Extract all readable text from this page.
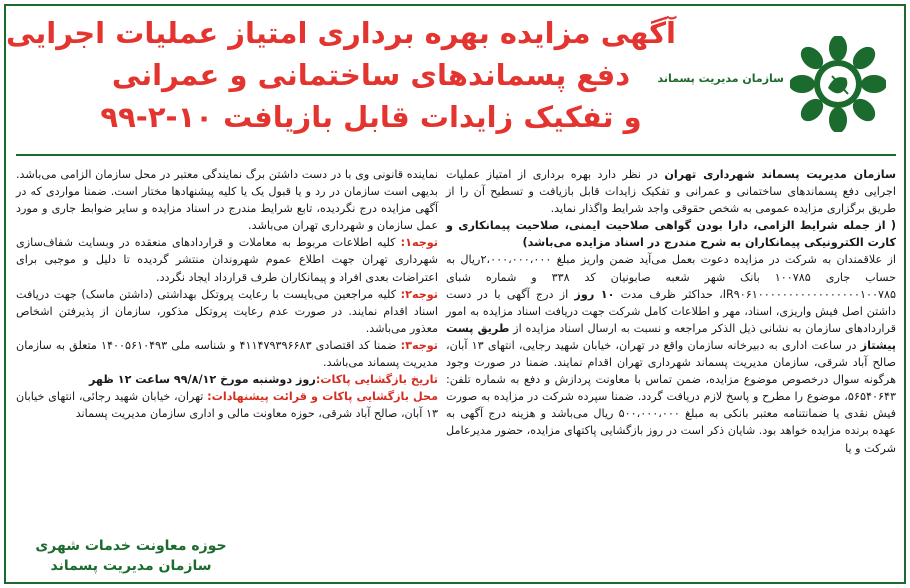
آگهی مزایده بهره برداری امتیاز عملیات اجرایی
دفع پسماندهای ساختمانی و عمرانی
و تفکیک زایدات قابل بازیافت ۱۰-۲-۹۹
سازمان مدیریت پسماند

سازمان مدیریت پسماند شهرداری تهران در نظر دارد بهره برداری از امتیاز عملیات اجرایی دفع پسماندهای ساختمانی و عمرانی و تفکیک زایدات قابل بازیافت و تسطیح آن را از طریق برگزاری مزایده عمومی به شخص حقوقی واجد شرایط واگذار نماید.

( از جمله شرایط الزامی، دارا بودن گواهی صلاحیت ایمنی، صلاحیت پیمانکاری و کارت الکترونیکی پیمانکاران به شرح مندرج در اسناد مزایده می‌باشد)

از علاقمندان به شرکت در مزایده دعوت بعمل می‌آید ضمن واریز مبلغ ۲،۰۰۰،۰۰۰،۰۰۰ریال به حساب جاری ۱۰۰۷۸۵ بانک شهر شعبه صابونیان کد ۳۳۸ و شماره شبای IR۹۰۶۱۰۰۰۰۰۰۰۰۰۰۰۰۰۰۰۰۰۱۰۰۷۸۵، حداکثر ظرف مدت ۱۰ روز از درج آگهی با در دست داشتن اصل فیش واریزی، اسناد، مهر و اطلاعات کامل شرکت جهت دریافت اسناد مزایده به امور قراردادهای سازمان به نشانی ذیل الذکر مراجعه و نسبت به ارسال اسناد مزایده از طریق پست پیشتاز در ساعت اداری به دبیرخانه سازمان واقع در تهران، خیابان شهید رجایی، انتهای ۱۳ آبان، صالح آباد شرقی، سازمان مدیریت پسماند شهرداری تهران اقدام نمایند. ضمنا در صورت وجود هرگونه سوال درخصوص موضوع مزایده، ضمن تماس با معاونت پردازش و دفع به شماره تلفن: ۵۶۵۴۰۶۴۳، موضوع را مطرح و پاسخ لازم دریافت گردد. ضمنا سپرده شرکت در مزایده به صورت فیش نقدی یا ضمانتنامه معتبر بانکی به مبلغ ۵۰۰،۰۰۰،۰۰۰ ریال می‌باشد و هزینه درج آگهی به عهده برنده مزایده خواهد بود. شایان ذکر است در روز بازگشایی پاکتهای مزایده، حضور مدیرعامل شرکت و یا

نماینده قانونی وی با در دست داشتن برگ نمایندگی معتبر در محل سازمان الزامی می‌باشد. بدیهی است سازمان در رد و یا قبول یک یا کلیه پیشنهادها مختار است. ضمنا مواردی که در آگهی مزایده درج نگردیده، تابع شرایط مندرج در اسناد مزایده و سایر ضوابط جاری و مورد عمل سازمان و شهرداری تهران می‌باشد.

توجه۱: کلیه اطلاعات مربوط به معاملات و قراردادهای منعقده در وبسایت شفاف‌سازی شهرداری تهران جهت اطلاع عموم شهروندان منتشر گردیده تا دلیل و موجبی برای اعتراضات بعدی افراد و پیمانکاران طرف قرارداد ایجاد نگردد.

توجه۲: کلیه مراجعین می‌بایست با رعایت پروتکل بهداشتی (داشتن ماسک) جهت دریافت اسناد اقدام نمایند. در صورت عدم رعایت پروتکل مذکور، سازمان از پذیرفتن اشخاص معذور می‌باشد.

توجه۳: ضمنا کد اقتصادی ۴۱۱۴۷۹۳۹۶۶۸۳ و شناسه ملی ۱۴۰۰۵۶۱۰۴۹۳ متعلق به سازمان مدیریت پسماند می‌باشد.

تاریخ بازگشایی پاکات:روز دوشنبه مورخ ۹۹/۸/۱۲ ساعت ۱۲ ظهر

محل بازگشایی پاکات و قرائت پیشنهادات: تهران، خیابان شهید رجائی، انتهای خیابان ۱۳ آبان، صالح آباد شرقی، حوزه معاونت مالی و اداری سازمان مدیریت پسماند

حوزه معاونت خدمات شهری
سازمان مدیریت پسماند
